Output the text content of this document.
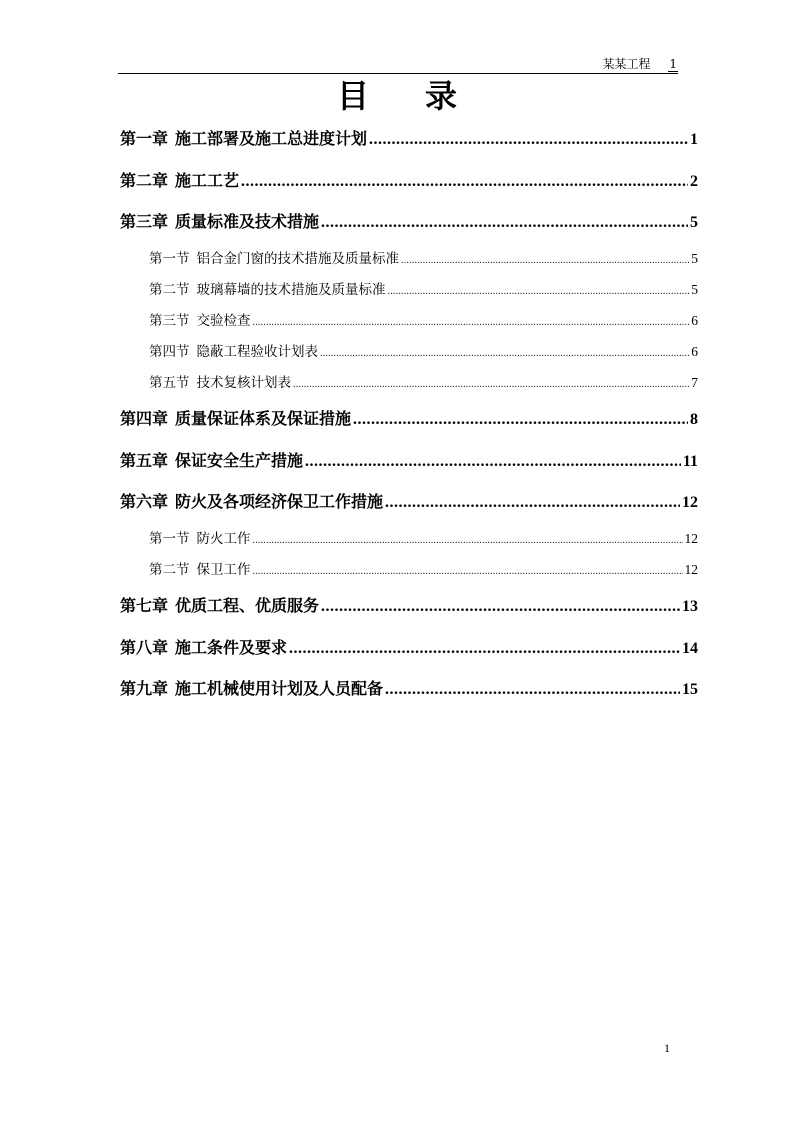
某某工程 1
目录
第一章 施工部署及施工总进度计划 .....	1
第二章 施工工艺 .....	2
第三章 质量标准及技术措施 .....	5
第一节 铝合金门窗的技术措施及质量标准 .....	5
第二节 玻璃幕墙的技术措施及质量标准 .....	5
第三节 交验检查 .....	6
第四节 隐蔽工程验收计划表 .....	6
第五节 技术复核计划表 .....	7
第四章 质量保证体系及保证措施 .....	8
第五章 保证安全生产措施 .....	11
第六章 防火及各项经济保卫工作措施 .....	12
第一节 防火工作 .....	12
第二节 保卫工作 .....	12
第七章 优质工程、优质服务 .....	13
第八章 施工条件及要求 .....	14
第九章 施工机械使用计划及人员配备 .....	15
1
